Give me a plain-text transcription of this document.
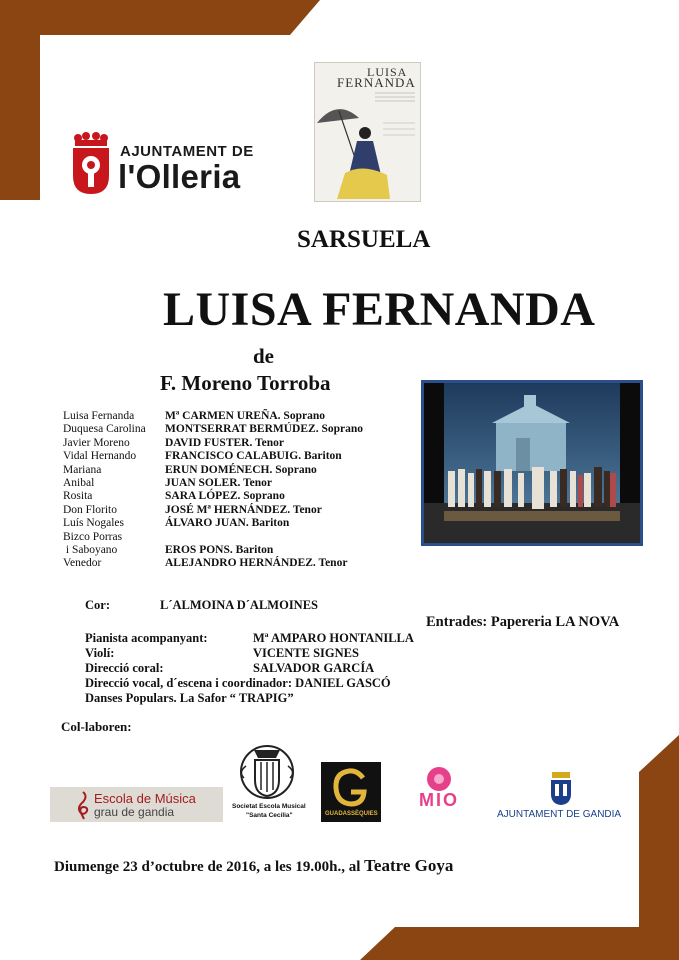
AJUNTAMENT DE
l'Olleria
LUISA
FERNANDA
SARSUELA
LUISA FERNANDA
de
F. Moreno Torroba
Luisa Fernanda	Mª CARMEN UREÑA. Soprano
Duquesa Carolina	MONTSERRAT BERMÚDEZ. Soprano
Javier Moreno	DAVID FUSTER. Tenor
Vidal Hernando	FRANCISCO CALABUIG. Bariton
Mariana	ERUN DOMÉNECH. Soprano
Anibal	JUAN SOLER. Tenor
Rosita	SARA LÓPEZ. Soprano
Don Florito	JOSÉ Mª HERNÁNDEZ. Tenor
Luís Nogales	ÁLVARO JUAN. Bariton
Bizco Porras
i Saboyano	EROS PONS. Bariton
Venedor	ALEJANDRO HERNÁNDEZ. Tenor
Cor:	L´ALMOINA D´ALMOINES
Pianista acompanyant:	Mª AMPARO HONTANILLA
Violí:	VICENTE SIGNES
Direcció coral:	SALVADOR GARCÍA
Direcció vocal, d´escena i coordinador: DANIEL GASCÓ
Danses Populars. La Safor “ TRAPIG”
Entrades: Papereria LA NOVA
Col-laboren:
Escola de Música
grau de gandia	Societat Escola Musical
"Santa Cecília"	GUADASSÈQUIES
MIO
AJUNTAMENT DE GANDIA
Diumenge 23 d’octubre de 2016, a les 19.00h., al Teatre Goya
